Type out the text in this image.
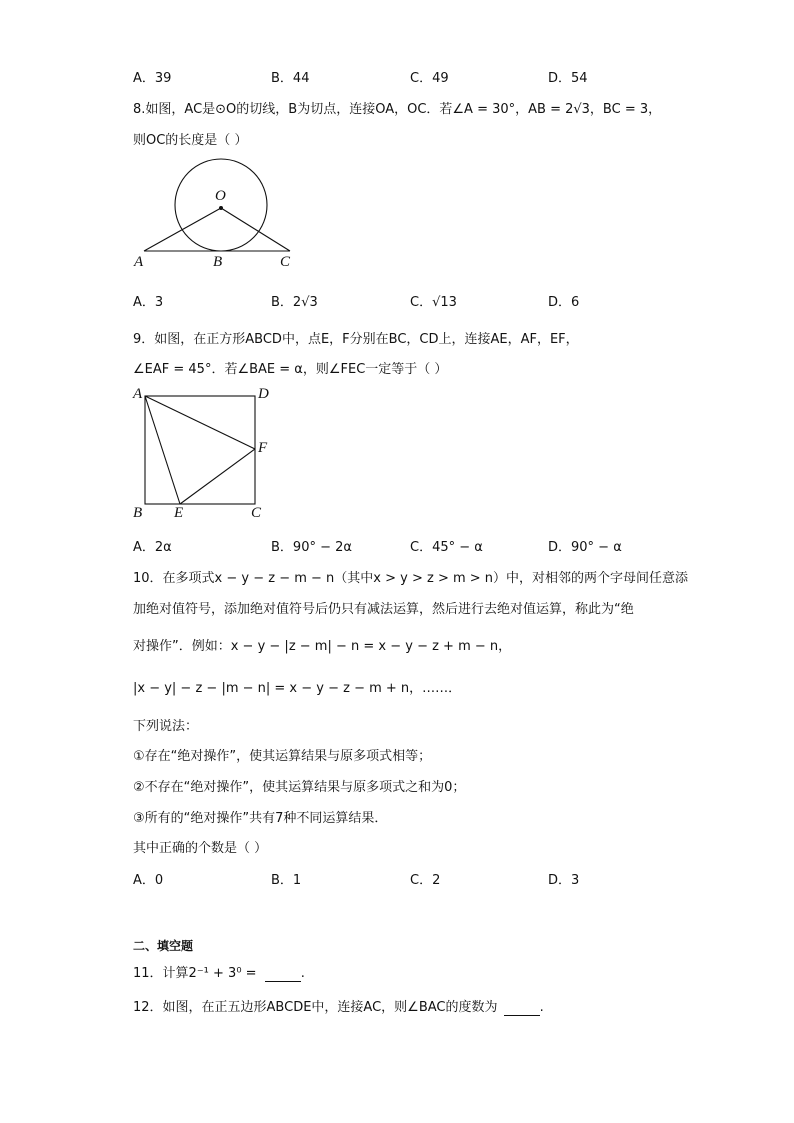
A．39	B．44	C．49	D．54
8.如图，AC是⊙O的切线，B为切点，连接OA，OC．若∠A = 30°，AB = 2√3，BC = 3，
则OC的长度是（ ）
O
A	B	C
A．3	B．2√3	C．√13	D．6
9．如图，在正方形ABCD中，点E，F分别在BC，CD上，连接AE，AF，EF，
∠EAF = 45°．若∠BAE = α，则∠FEC一定等于（ ）
A	D
F
B E	C
A．2α	B．90° − 2α	C．45° − α	D．90° − α
10．在多项式x − y − z − m − n（其中x > y > z > m > n）中，对相邻的两个字母间任意添
加绝对值符号，添加绝对值符号后仍只有减法运算，然后进行去绝对值运算，称此为“绝
对操作”．例如：x − y − |z − m| − n = x − y − z + m − n，
|x − y| − z − |m − n| = x − y − z − m + n，……．
下列说法：
①存在“绝对操作”，使其运算结果与原多项式相等；
②不存在“绝对操作”，使其运算结果与原多项式之和为0；
③所有的“绝对操作”共有7种不同运算结果．
其中正确的个数是（ ）
A．0	B．1	C．2	D．3
二、填空题
11．计算2⁻¹ + 3⁰ =	.
12．如图，在正五边形ABCDE中，连接AC，则∠BAC的度数为	.
